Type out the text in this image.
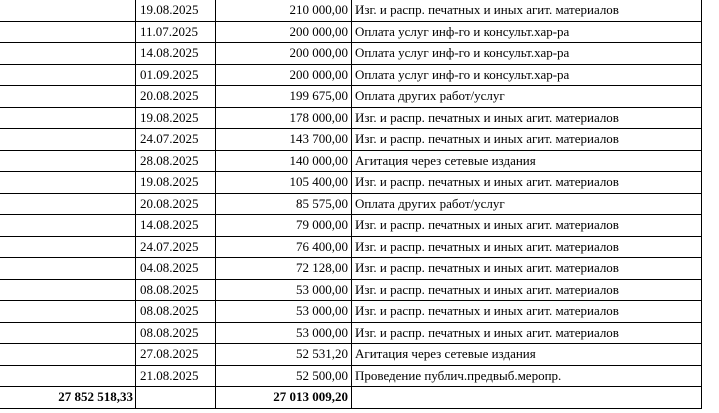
	19.08.2025	210 000,00	Изг. и распр. печатных и иных агит. материалов
	11.07.2025	200 000,00	Оплата услуг инф-го и консульт.хар-ра
	14.08.2025	200 000,00	Оплата услуг инф-го и консульт.хар-ра
	01.09.2025	200 000,00	Оплата услуг инф-го и консульт.хар-ра
	20.08.2025	199 675,00	Оплата других работ/услуг
	19.08.2025	178 000,00	Изг. и распр. печатных и иных агит. материалов
	24.07.2025	143 700,00	Изг. и распр. печатных и иных агит. материалов
	28.08.2025	140 000,00	Агитация через сетевые издания
	19.08.2025	105 400,00	Изг. и распр. печатных и иных агит. материалов
	20.08.2025	85 575,00	Оплата других работ/услуг
	14.08.2025	79 000,00	Изг. и распр. печатных и иных агит. материалов
	24.07.2025	76 400,00	Изг. и распр. печатных и иных агит. материалов
	04.08.2025	72 128,00	Изг. и распр. печатных и иных агит. материалов
	08.08.2025	53 000,00	Изг. и распр. печатных и иных агит. материалов
	08.08.2025	53 000,00	Изг. и распр. печатных и иных агит. материалов
	08.08.2025	53 000,00	Изг. и распр. печатных и иных агит. материалов
	27.08.2025	52 531,20	Агитация через сетевые издания
	21.08.2025	52 500,00	Проведение публич.предвыб.меропр.
27 852 518,33		27 013 009,20	
